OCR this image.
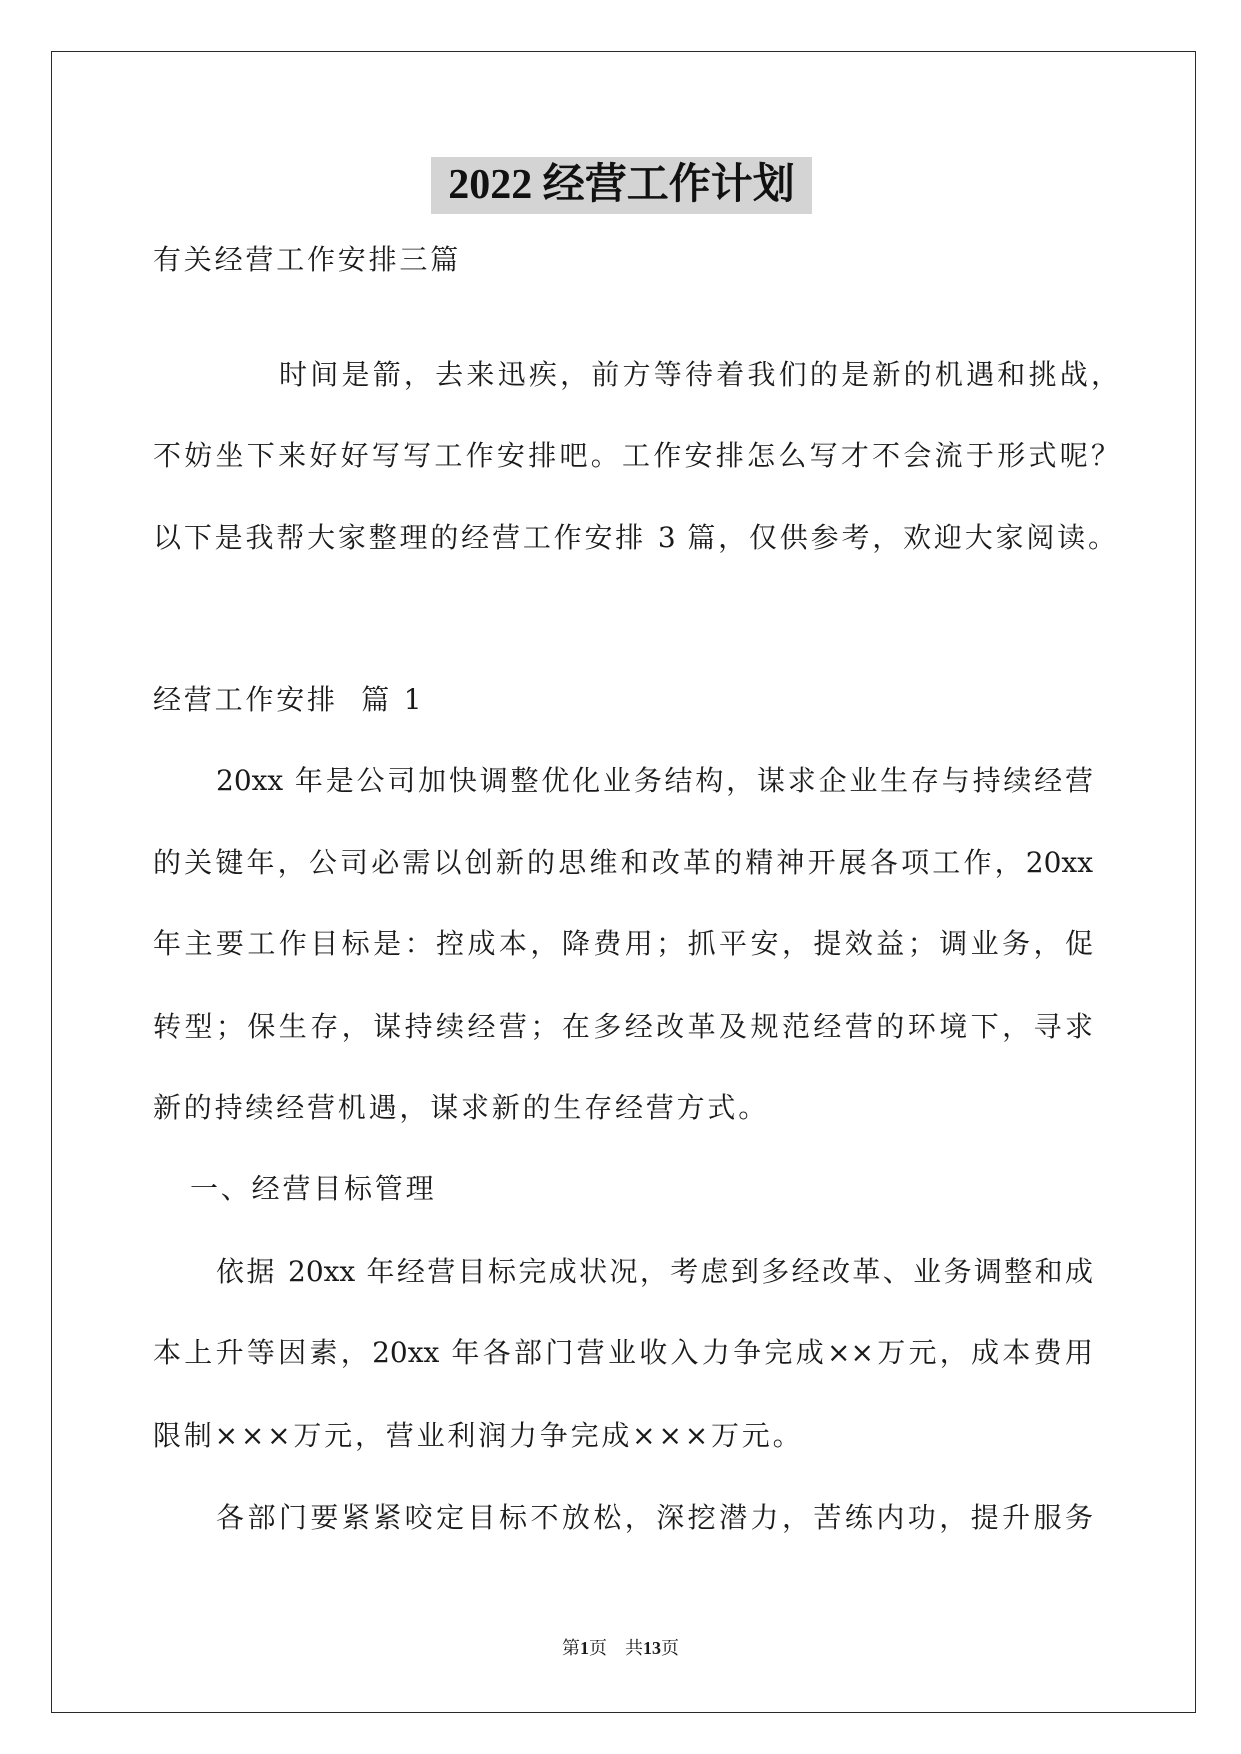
2022 经营工作计划
有关经营工作安排三篇
时间是箭，去来迅疾，前方等待着我们的是新的机遇和挑战，
不妨坐下来好好写写工作安排吧。工作安排怎么写才不会流于形式呢？
以下是我帮大家整理的经营工作安排 3 篇，仅供参考，欢迎大家阅读。
经营工作安排  篇 1
20xx 年是公司加快调整优化业务结构，谋求企业生存与持续经营
的关键年，公司必需以创新的思维和改革的精神开展各项工作，20xx
年主要工作目标是：控成本，降费用；抓平安，提效益；调业务，促
转型；保生存，谋持续经营；在多经改革及规范经营的环境下，寻求
新的持续经营机遇，谋求新的生存经营方式。
一、经营目标管理
依据 20xx 年经营目标完成状况，考虑到多经改革、业务调整和成
本上升等因素，20xx 年各部门营业收入力争完成××万元，成本费用
限制×××万元，营业利润力争完成×××万元。
各部门要紧紧咬定目标不放松，深挖潜力，苦练内功，提升服务
第1页　共13页
